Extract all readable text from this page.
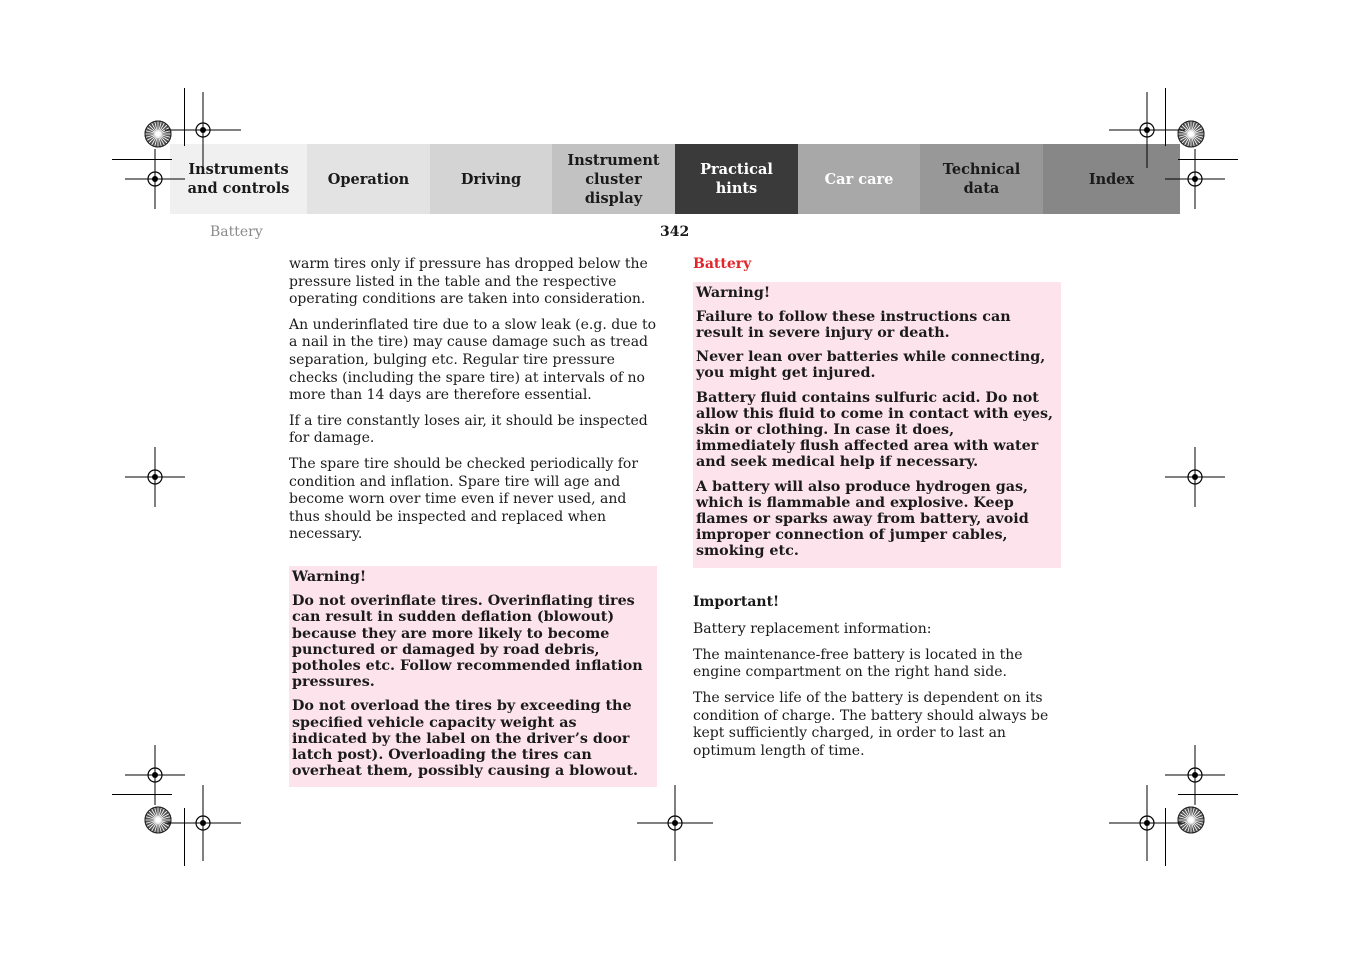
Instruments
and controls
Operation	Driving
Instrument
cluster display
Practical hints
Car care
Technical
data
Index
Battery	342

warm tires only if pressure has dropped below the pressure listed in the table and the respective operating conditions are taken into consideration.

An underinflated tire due to a slow leak (e.g. due to a nail in the tire) may cause damage such as tread separation, bulging etc. Regular tire pressure checks (including the spare tire) at intervals of no more than 14 days are therefore essential.

If a tire constantly loses air, it should be inspected for damage.

The spare tire should be checked periodically for condition and inflation. Spare tire will age and become worn over time even if never used, and thus should be inspected and replaced when necessary.

Warning!

Do not overinflate tires. Overinflating tires can result in sudden deflation (blowout) because they are more likely to become punctured or damaged by road debris, potholes etc. Follow recommended inflation pressures.

Do not overload the tires by exceeding the specified vehicle capacity weight as indicated by the label on the driver’s door latch post). Overloading the tires can overheat them, possibly causing a blowout.

Battery

Warning!

Failure to follow these instructions can result in severe injury or death.

Never lean over batteries while connecting, you might get injured.

Battery fluid contains sulfuric acid. Do not allow this fluid to come in contact with eyes, skin or clothing. In case it does, immediately flush affected area with water and seek medical help if necessary.

A battery will also produce hydrogen gas, which is flammable and explosive. Keep flames or sparks away from battery, avoid improper connection of jumper cables, smoking etc.

Important!

Battery replacement information:

The maintenance-free battery is located in the engine compartment on the right hand side.

The service life of the battery is dependent on its condition of charge. The battery should always be kept sufficiently charged, in order to last an optimum length of time.
